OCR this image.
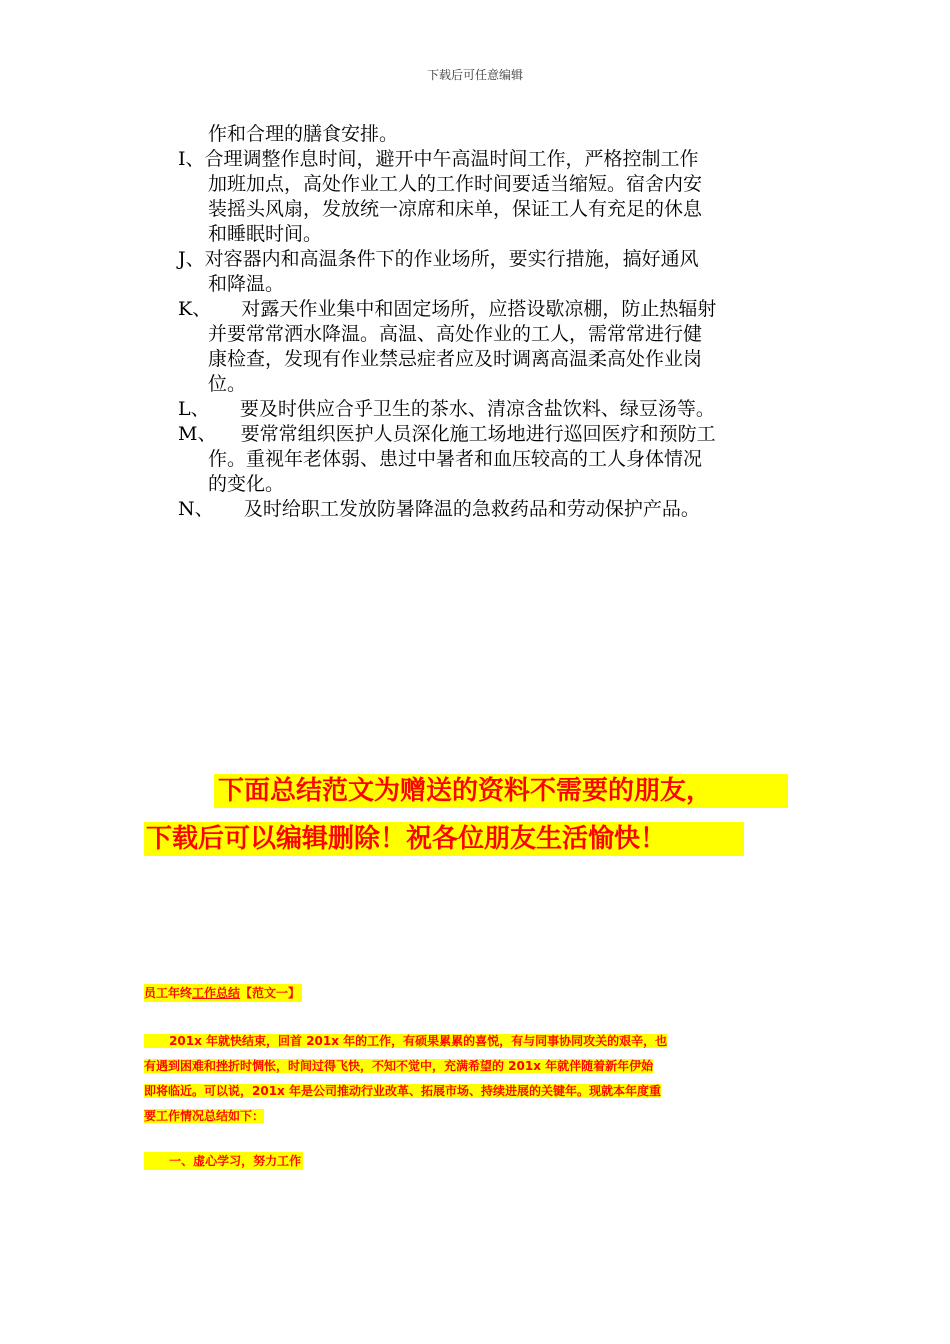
下载后可任意编辑
作和合理的膳食安排。
I、 合理调整作息时间，避开中午高温时间工作，严格控制工作
加班加点，高处作业工人的工作时间要适当缩短。宿舍内安
装摇头风扇，发放统一凉席和床单，保证工人有充足的休息
和睡眠时间。
J、 对容器内和高温条件下的作业场所，要实行措施，搞好通风
和降温。
K、 对露天作业集中和固定场所，应搭设歇凉棚，防止热辐射
并要常常洒水降温。高温、高处作业的工人，需常常进行健
康检查，发现有作业禁忌症者应及时调离高温柔高处作业岗
位。
L、 要及时供应合乎卫生的茶水、清凉含盐饮料、绿豆汤等。
M、 要常常组织医护人员深化施工场地进行巡回医疗和预防工
作。重视年老体弱、患过中暑者和血压较高的工人身体情况
的变化。
N、 及时给职工发放防暑降温的急救药品和劳动保护产品。
下面总结范文为赠送的资料不需要的朋友，
下载后可以编辑删除！祝各位朋友生活愉快！
员工年终工作总结【范文一】
201x 年就快结束，回首 201x 年的工作，有硕果累累的喜悦，有与同事协同攻关的艰辛，也
有遇到困难和挫折时惆怅，时间过得飞快，不知不觉中，充满希望的 201x 年就伴随着新年伊始
即将临近。可以说，201x 年是公司推动行业改革、拓展市场、持续进展的关键年。现就本年度重
要工作情况总结如下：
一、虚心学习，努力工作
